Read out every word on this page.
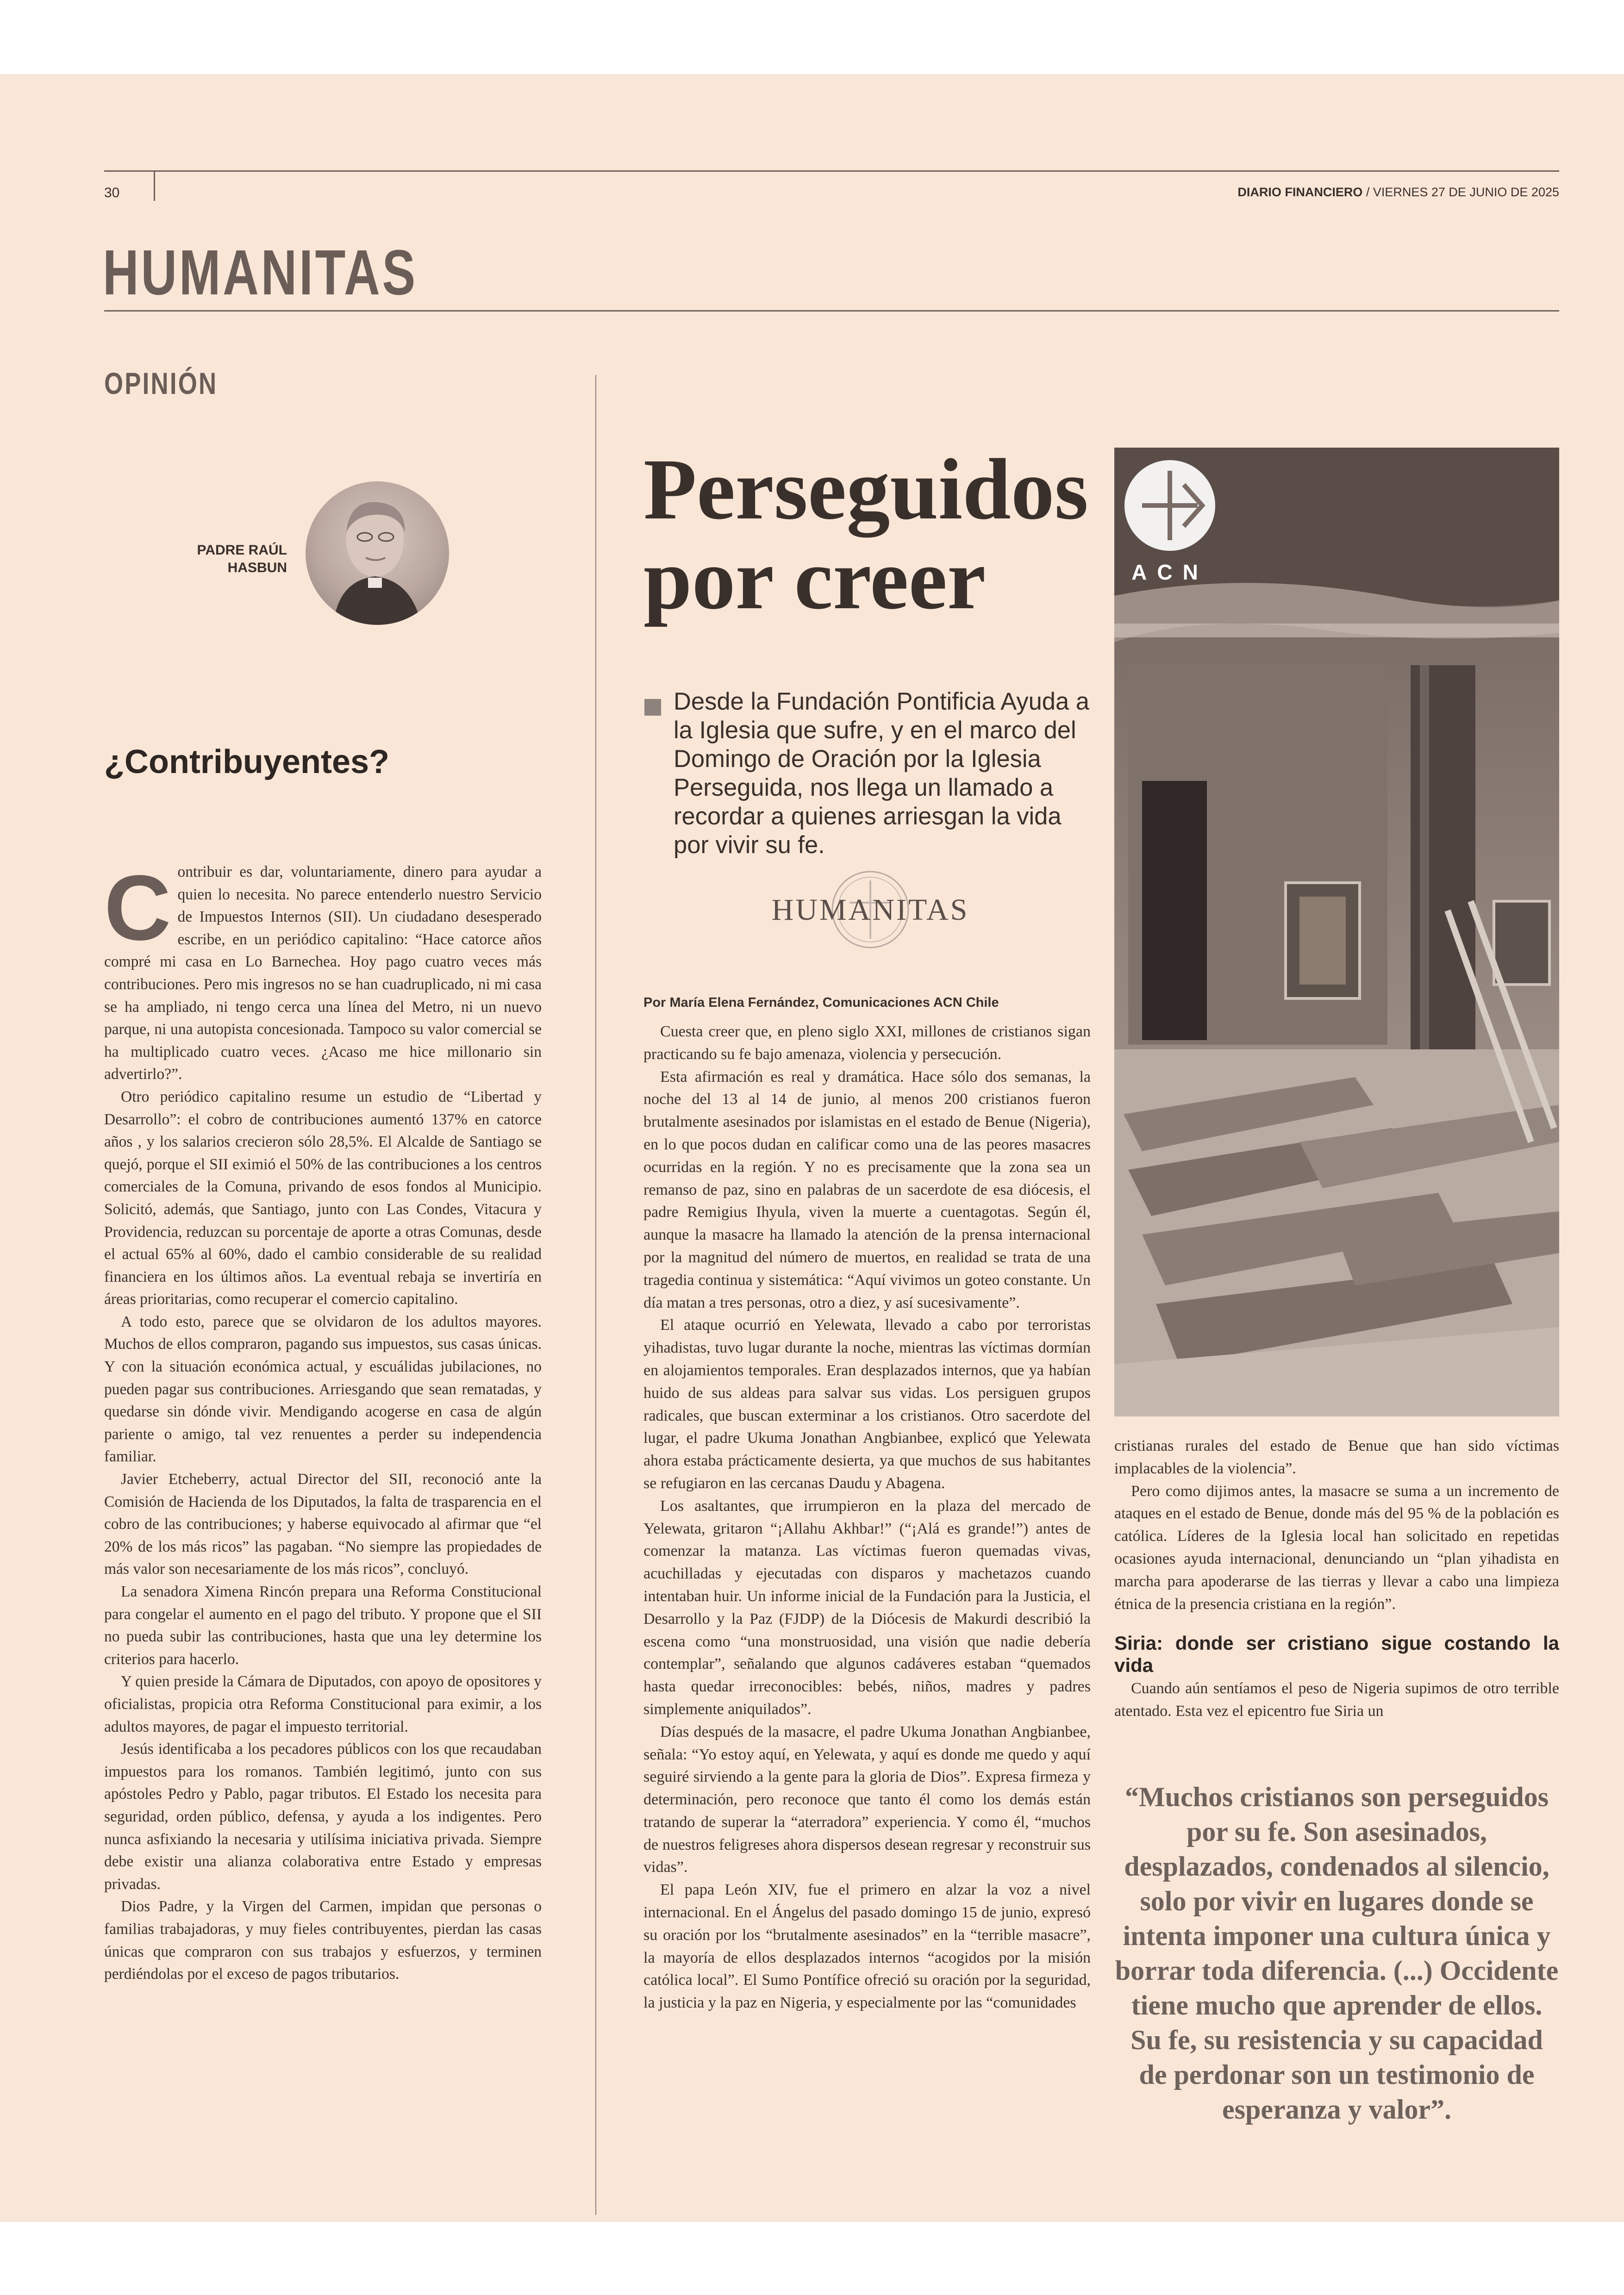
30	DIARIO FINANCIERO / VIERNES 27 DE JUNIO DE 2025
HUMANITAS
OPINIÓN
PADRE RAÚL
HASBUN
¿Contribuyentes?

Contribuir es dar, voluntariamente, dinero para ayudar a quien lo necesita. No parece entenderlo nuestro Servicio de Impuestos Internos (SII). Un ciudadano desesperado escribe, en un periódico capitalino: “Hace catorce años compré mi casa en Lo Barnechea. Hoy pago cuatro veces más contribuciones. Pero mis ingresos no se han cuadruplicado, ni mi casa se ha ampliado, ni tengo cerca una línea del Metro, ni un nuevo parque, ni una autopista concesionada. Tampoco su valor comercial se ha multiplicado cuatro veces. ¿Acaso me hice millonario sin advertirlo?”.

Otro periódico capitalino resume un estudio de “Libertad y Desarrollo”: el cobro de contribuciones aumentó 137% en catorce años , y los salarios crecieron sólo 28,5%. El Alcalde de Santiago se quejó, porque el SII eximió el 50% de las contribuciones a los centros comerciales de la Comuna, privando de esos fondos al Municipio. Solicitó, además, que Santiago, junto con Las Condes, Vitacura y Providencia, reduzcan su porcentaje de aporte a otras Comunas, desde el actual 65% al 60%, dado el cambio considerable de su realidad financiera en los últimos años. La eventual rebaja se invertiría en áreas prioritarias, como recuperar el comercio capitalino.

A todo esto, parece que se olvidaron de los adultos mayores. Muchos de ellos compraron, pagando sus impuestos, sus casas únicas. Y con la situación económica actual, y escuálidas jubilaciones, no pueden pagar sus contribuciones. Arriesgando que sean rematadas, y quedarse sin dónde vivir. Mendigando acogerse en casa de algún pariente o amigo, tal vez renuentes a perder su independencia familiar.

Javier Etcheberry, actual Director del SII, reconoció ante la Comisión de Hacienda de los Diputados, la falta de trasparencia en el cobro de las contribuciones; y haberse equivocado al afirmar que “el 20% de los más ricos” las pagaban. “No siempre las propiedades de más valor son necesariamente de los más ricos”, concluyó.

La senadora Ximena Rincón prepara una Reforma Constitucional para congelar el aumento en el pago del tributo. Y propone que el SII no pueda subir las contribuciones, hasta que una ley determine los criterios para hacerlo.

Y quien preside la Cámara de Diputados, con apoyo de opositores y oficialistas, propicia otra Reforma Constitucional para eximir, a los adultos mayores, de pagar el impuesto territorial.

Jesús identificaba a los pecadores públicos con los que recaudaban impuestos para los romanos. También legitimó, junto con sus apóstoles Pedro y Pablo, pagar tributos. El Estado los necesita para seguridad, orden público, defensa, y ayuda a los indigentes. Pero nunca asfixiando la necesaria y utilísima iniciativa privada. Siempre debe existir una alianza colaborativa entre Estado y empresas privadas.

Dios Padre, y la Virgen del Carmen, impidan que personas o familias trabajadoras, y muy fieles contribuyentes, pierdan las casas únicas que compraron con sus trabajos y esfuerzos, y terminen perdiéndolas por el exceso de pagos tributarios.

Perseguidos por creer
Desde la Fundación Pontificia Ayuda a la Iglesia que sufre, y en el marco del Domingo de Oración por la Iglesia Perseguida, nos llega un llamado a recordar a quienes arriesgan la vida por vivir su fe.
HUMANITAS
Por María Elena Fernández, Comunicaciones ACN Chile

Cuesta creer que, en pleno siglo XXI, millones de cristianos sigan practicando su fe bajo amenaza, violencia y persecución.

Esta afirmación es real y dramática. Hace sólo dos semanas, la noche del 13 al 14 de junio, al menos 200 cristianos fueron brutalmente asesinados por islamistas en el estado de Benue (Nigeria), en lo que pocos dudan en calificar como una de las peores masacres ocurridas en la región. Y no es precisamente que la zona sea un remanso de paz, sino en palabras de un sacerdote de esa diócesis, el padre Remigius Ihyula, viven la muerte a cuentagotas. Según él, aunque la masacre ha llamado la atención de la prensa internacional por la magnitud del número de muertos, en realidad se trata de una tragedia continua y sistemática: “Aquí vivimos un goteo constante. Un día matan a tres personas, otro a diez, y así sucesivamente”.

El ataque ocurrió en Yelewata, llevado a cabo por terroristas yihadistas, tuvo lugar durante la noche, mientras las víctimas dormían en alojamientos temporales. Eran desplazados internos, que ya habían huido de sus aldeas para salvar sus vidas. Los persiguen grupos radicales, que buscan exterminar a los cristianos. Otro sacerdote del lugar, el padre Ukuma Jonathan Angbianbee, explicó que Yelewata ahora estaba prácticamente desierta, ya que muchos de sus habitantes se refugiaron en las cercanas Daudu y Abagena.

Los asaltantes, que irrumpieron en la plaza del mercado de Yelewata, gritaron “¡Allahu Akhbar!” (“¡Alá es grande!”) antes de comenzar la matanza. Las víctimas fueron quemadas vivas, acuchilladas y ejecutadas con disparos y machetazos cuando intentaban huir. Un informe inicial de la Fundación para la Justicia, el Desarrollo y la Paz (FJDP) de la Diócesis de Makurdi describió la escena como “una monstruosidad, una visión que nadie debería contemplar”, señalando que algunos cadáveres estaban “quemados hasta quedar irreconocibles: bebés, niños, madres y padres simplemente aniquilados”.

Días después de la masacre, el padre Ukuma Jonathan Angbianbee, señala: “Yo estoy aquí, en Yelewata, y aquí es donde me quedo y aquí seguiré sirviendo a la gente para la gloria de Dios”. Expresa firmeza y determinación, pero reconoce que tanto él como los demás están tratando de superar la “aterradora” experiencia. Y como él, “muchos de nuestros feligreses ahora dispersos desean regresar y reconstruir sus vidas”.

El papa León XIV, fue el primero en alzar la voz a nivel internacional. En el Ángelus del pasado domingo 15 de junio, expresó su oración por los “brutalmente asesinados” en la “terrible masacre”, la mayoría de ellos desplazados internos “acogidos por la misión católica local”. El Sumo Pontífice ofreció su oración por la seguridad, la justicia y la paz en Nigeria, y especialmente por las “comunidades

ACN

cristianas rurales del estado de Benue que han sido víctimas implacables de la violencia”.

Pero como dijimos antes, la masacre se suma a un incremento de ataques en el estado de Benue, donde más del 95 % de la población es católica. Líderes de la Iglesia local han solicitado en repetidas ocasiones ayuda internacional, denunciando un “plan yihadista en marcha para apoderarse de las tierras y llevar a cabo una limpieza étnica de la presencia cristiana en la región”.

Siria: donde ser cristiano sigue costando la vida

Cuando aún sentíamos el peso de Nigeria supimos de otro terrible atentado. Esta vez el epicentro fue Siria un

“Muchos cristianos son perseguidos por su fe. Son asesinados, desplazados, condenados al silencio, solo por vivir en lugares donde se intenta imponer una cultura única y borrar toda diferencia. (...) Occidente tiene mucho que aprender de ellos. Su fe, su resistencia y su capacidad de perdonar son un testimonio de esperanza y valor”.
